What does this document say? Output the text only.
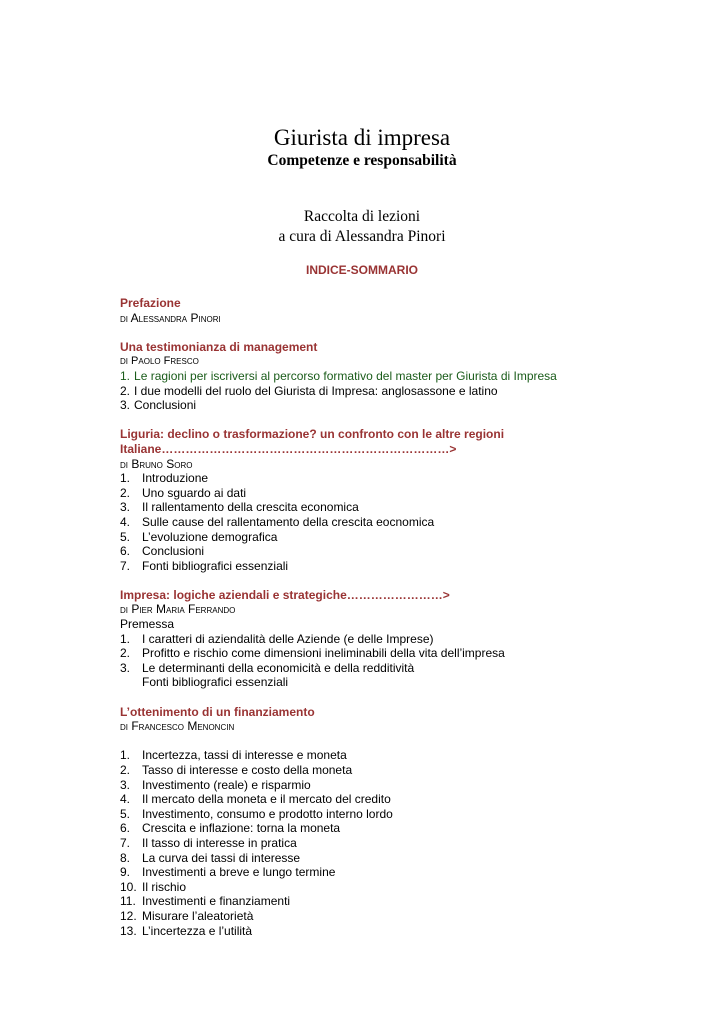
Giurista di impresa
Competenze e responsabilità
Raccolta di lezioni
a cura di Alessandra Pinori
INDICE-SOMMARIO

Prefazione

di Alessandra Pinori

Una testimonianza di management

di Paolo Fresco

1. Le ragioni per iscriversi al percorso formativo del master per Giurista di Impresa
2. I due modelli del ruolo del Giurista di Impresa: anglosassone e latino
3. Conclusioni

Liguria: declino o trasformazione? un confronto con le altre regioni

Italiane………………………………………………………………>

di Bruno Soro

1. Introduzione
2. Uno sguardo ai dati
3. Il rallentamento della crescita economica
4. Sulle cause del rallentamento della crescita eocnomica
5. L’evoluzione demografica
6. Conclusioni
7. Fonti bibliografici essenziali

Impresa: logiche aziendali e strategiche……………………>

di Pier Maria Ferrando

Premessa

1. I caratteri di aziendalità delle Aziende (e delle Imprese)
2. Profitto e rischio come dimensioni ineliminabili della vita dell’impresa
3. Le determinanti della economicità e della redditività

Fonti bibliografici essenziali

L’ottenimento di un finanziamento

di Francesco Menoncin

1. Incertezza, tassi di interesse e moneta
2. Tasso di interesse e costo della moneta
3. Investimento (reale) e risparmio
4. Il mercato della moneta e il mercato del credito
5. Investimento, consumo e prodotto interno lordo
6. Crescita e inflazione: torna la moneta
7. Il tasso di interesse in pratica
8. La curva dei tassi di interesse
9. Investimenti a breve e lungo termine
10. Il rischio
11. Investimenti e finanziamenti
12. Misurare l’aleatorietà
13. L’incertezza e l’utilità
